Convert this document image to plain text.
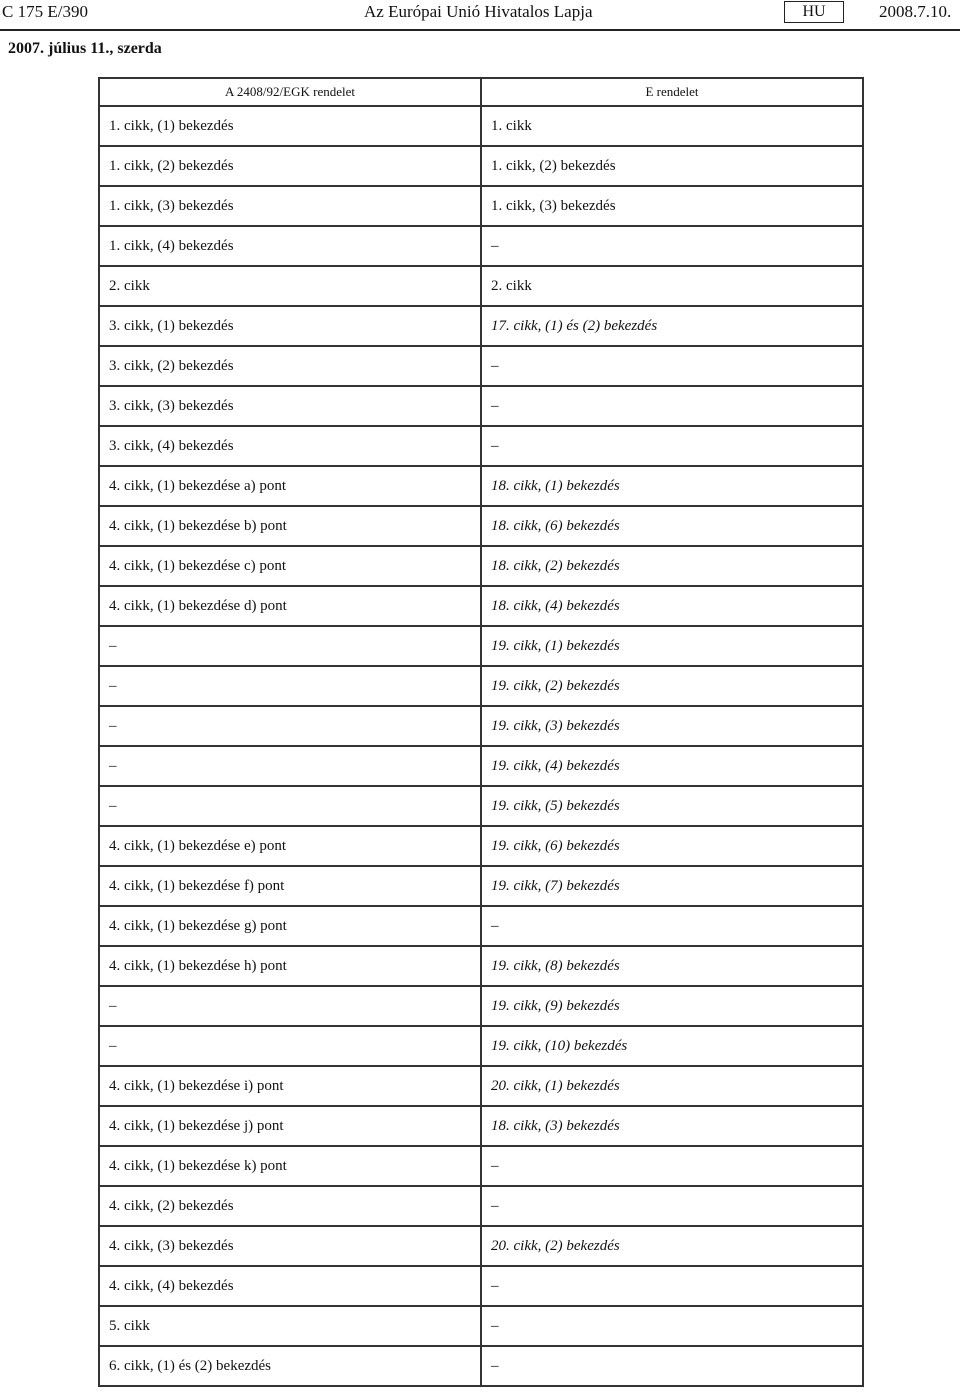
C 175 E/390	Az Európai Unió Hivatalos Lapja	HU	2008.7.10.
2007. július 11., szerda
A 2408/92/EGK rendelet	E rendelet
1. cikk, (1) bekezdés	1. cikk
1. cikk, (2) bekezdés	1. cikk, (2) bekezdés
1. cikk, (3) bekezdés	1. cikk, (3) bekezdés
1. cikk, (4) bekezdés	–
2. cikk	2. cikk
3. cikk, (1) bekezdés	17. cikk, (1) és (2) bekezdés
3. cikk, (2) bekezdés	–
3. cikk, (3) bekezdés	–
3. cikk, (4) bekezdés	–
4. cikk, (1) bekezdése a) pont	18. cikk, (1) bekezdés
4. cikk, (1) bekezdése b) pont	18. cikk, (6) bekezdés
4. cikk, (1) bekezdése c) pont	18. cikk, (2) bekezdés
4. cikk, (1) bekezdése d) pont	18. cikk, (4) bekezdés
–	19. cikk, (1) bekezdés
–	19. cikk, (2) bekezdés
–	19. cikk, (3) bekezdés
–	19. cikk, (4) bekezdés
–	19. cikk, (5) bekezdés
4. cikk, (1) bekezdése e) pont	19. cikk, (6) bekezdés
4. cikk, (1) bekezdése f) pont	19. cikk, (7) bekezdés
4. cikk, (1) bekezdése g) pont	–
4. cikk, (1) bekezdése h) pont	19. cikk, (8) bekezdés
–	19. cikk, (9) bekezdés
–	19. cikk, (10) bekezdés
4. cikk, (1) bekezdése i) pont	20. cikk, (1) bekezdés
4. cikk, (1) bekezdése j) pont	18. cikk, (3) bekezdés
4. cikk, (1) bekezdése k) pont	–
4. cikk, (2) bekezdés	–
4. cikk, (3) bekezdés	20. cikk, (2) bekezdés
4. cikk, (4) bekezdés	–
5. cikk	–
6. cikk, (1) és (2) bekezdés	–
